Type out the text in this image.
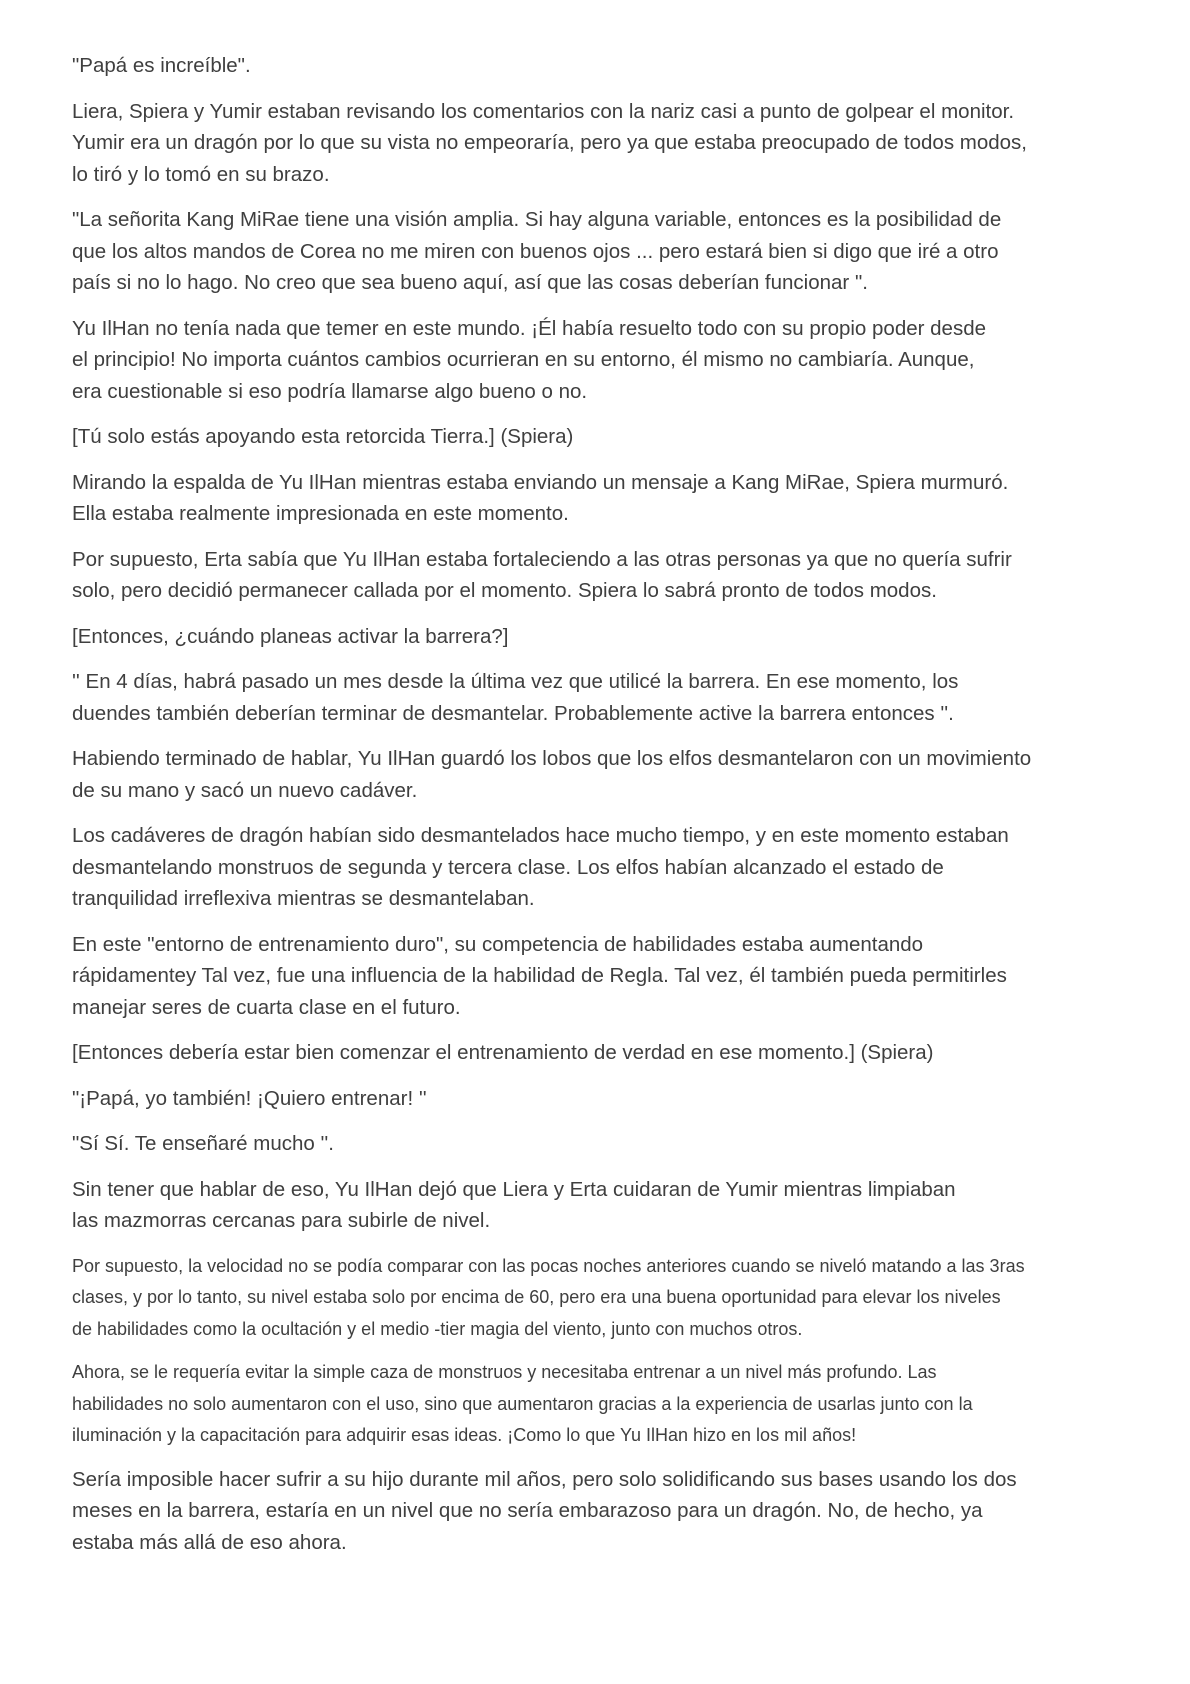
"Papá es increíble".

Liera, Spiera y Yumir estaban revisando los comentarios con la nariz casi a punto de golpear el monitor.
Yumir era un dragón por lo que su vista no empeoraría, pero ya que estaba preocupado de todos modos,
lo tiró y lo tomó en su brazo.

"La señorita Kang MiRae tiene una visión amplia. Si hay alguna variable, entonces es la posibilidad de
que los altos mandos de Corea no me miren con buenos ojos ... pero estará bien si digo que iré a otro
país si no lo hago. No creo que sea bueno aquí, así que las cosas deberían funcionar ".

Yu IlHan no tenía nada que temer en este mundo. ¡Él había resuelto todo con su propio poder desde
el principio! No importa cuántos cambios ocurrieran en su entorno, él mismo no cambiaría. Aunque,
era cuestionable si eso podría llamarse algo bueno o no.

[Tú solo estás apoyando esta retorcida Tierra.] (Spiera)

Mirando la espalda de Yu IlHan mientras estaba enviando un mensaje a Kang MiRae, Spiera murmuró.
Ella estaba realmente impresionada en este momento.

Por supuesto, Erta sabía que Yu IlHan estaba fortaleciendo a las otras personas ya que no quería sufrir
solo, pero decidió permanecer callada por el momento. Spiera lo sabrá pronto de todos modos.

[Entonces, ¿cuándo planeas activar la barrera?]

'' En 4 días, habrá pasado un mes desde la última vez que utilicé la barrera. En ese momento, los
duendes también deberían terminar de desmantelar. Probablemente active la barrera entonces ''.

Habiendo terminado de hablar, Yu IlHan guardó los lobos que los elfos desmantelaron con un movimiento
de su mano y sacó un nuevo cadáver.

Los cadáveres de dragón habían sido desmantelados hace mucho tiempo, y en este momento estaban
desmantelando monstruos de segunda y tercera clase. Los elfos habían alcanzado el estado de
tranquilidad irreflexiva mientras se desmantelaban.

En este "entorno de entrenamiento duro", su competencia de habilidades estaba aumentando
rápidamentey Tal vez, fue una influencia de la habilidad de Regla. Tal vez, él también pueda permitirles
manejar seres de cuarta clase en el futuro.

[Entonces debería estar bien comenzar el entrenamiento de verdad en ese momento.] (Spiera)

"¡Papá, yo también! ¡Quiero entrenar! ''

"Sí Sí. Te enseñaré mucho ''.

Sin tener que hablar de eso, Yu IlHan dejó que Liera y Erta cuidaran de Yumir mientras limpiaban
las mazmorras cercanas para subirle de nivel.

Por supuesto, la velocidad no se podía comparar con las pocas noches anteriores cuando se niveló matando a las 3ras
clases, y por lo tanto, su nivel estaba solo por encima de 60, pero era una buena oportunidad para elevar los niveles
de habilidades como la ocultación y el medio -tier magia del viento, junto con muchos otros.

Ahora, se le requería evitar la simple caza de monstruos y necesitaba entrenar a un nivel más profundo. Las
habilidades no solo aumentaron con el uso, sino que aumentaron gracias a la experiencia de usarlas junto con la
iluminación y la capacitación para adquirir esas ideas. ¡Como lo que Yu IlHan hizo en los mil años!

Sería imposible hacer sufrir a su hijo durante mil años, pero solo solidificando sus bases usando los dos
meses en la barrera, estaría en un nivel que no sería embarazoso para un dragón. No, de hecho, ya
estaba más allá de eso ahora.
